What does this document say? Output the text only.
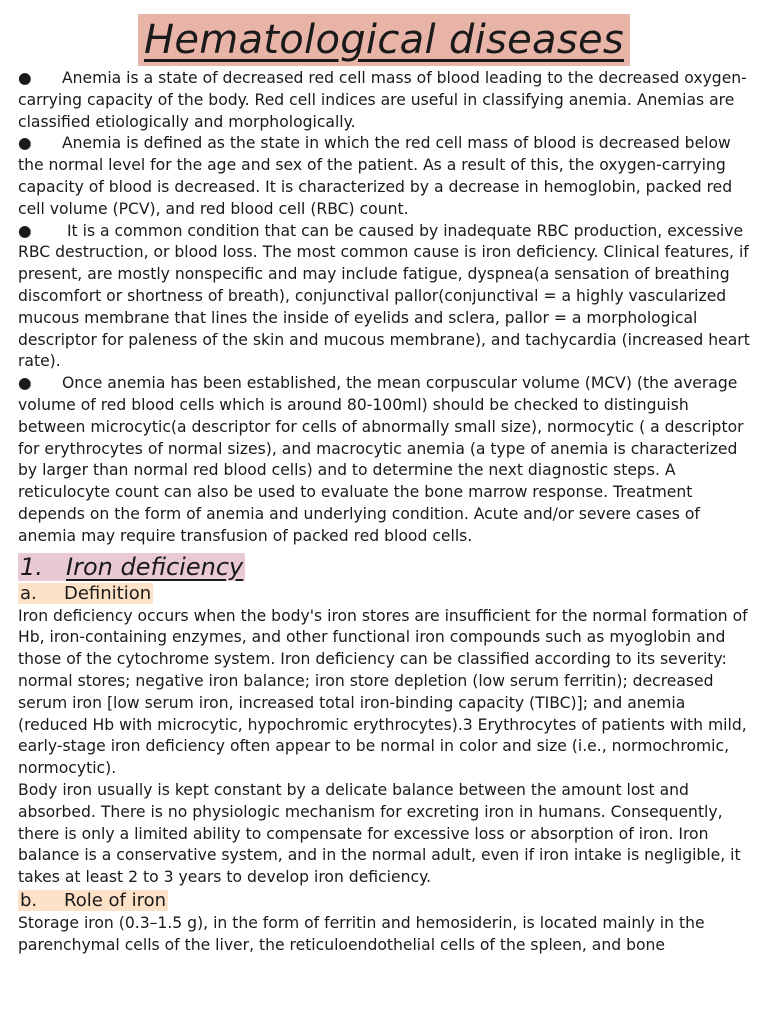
Hematological diseases

● Anemia is a state of decreased red cell mass of blood leading to the decreased oxygen-carrying capacity of the body. Red cell indices are useful in classifying anemia. Anemias are classified etiologically and morphologically.

● Anemia is defined as the state in which the red cell mass of blood is decreased below the normal level for the age and sex of the patient. As a result of this, the oxygen-carrying capacity of blood is decreased. It is characterized by a decrease in hemoglobin, packed red cell volume (PCV), and red blood cell (RBC) count.

● It is a common condition that can be caused by inadequate RBC production, excessive RBC destruction, or blood loss. The most common cause is iron deficiency. Clinical features, if present, are mostly nonspecific and may include fatigue, dyspnea(a sensation of breathing discomfort or shortness of breath), conjunctival pallor(conjunctival = a highly vascularized mucous membrane that lines the inside of eyelids and sclera, pallor = a morphological descriptor for paleness of the skin and mucous membrane), and tachycardia (increased heart rate).

● Once anemia has been established, the mean corpuscular volume (MCV) (the average volume of red blood cells which is around 80-100ml) should be checked to distinguish between microcytic(a descriptor for cells of abnormally small size), normocytic ( a descriptor for erythrocytes of normal sizes), and macrocytic anemia (a type of anemia is characterized by larger than normal red blood cells) and to determine the next diagnostic steps. A reticulocyte count can also be used to evaluate the bone marrow response. Treatment depends on the form of anemia and underlying condition. Acute and/or severe cases of anemia may require transfusion of packed red blood cells.

1. Iron deficiency
a. Definition

Iron deficiency occurs when the body's iron stores are insufficient for the normal formation of Hb, iron-containing enzymes, and other functional iron compounds such as myoglobin and those of the cytochrome system. Iron deficiency can be classified according to its severity: normal stores; negative iron balance; iron store depletion (low serum ferritin); decreased serum iron [low serum iron, increased total iron-binding capacity (TIBC)]; and anemia (reduced Hb with microcytic, hypochromic erythrocytes).3 Erythrocytes of patients with mild, early-stage iron deficiency often appear to be normal in color and size (i.e., normochromic, normocytic).

Body iron usually is kept constant by a delicate balance between the amount lost and absorbed. There is no physiologic mechanism for excreting iron in humans. Consequently, there is only a limited ability to compensate for excessive loss or absorption of iron. Iron balance is a conservative system, and in the normal adult, even if iron intake is negligible, it takes at least 2 to 3 years to develop iron deficiency.

b. Role of iron

Storage iron (0.3–1.5 g), in the form of ferritin and hemosiderin, is located mainly in the parenchymal cells of the liver, the reticuloendothelial cells of the spleen, and bone
